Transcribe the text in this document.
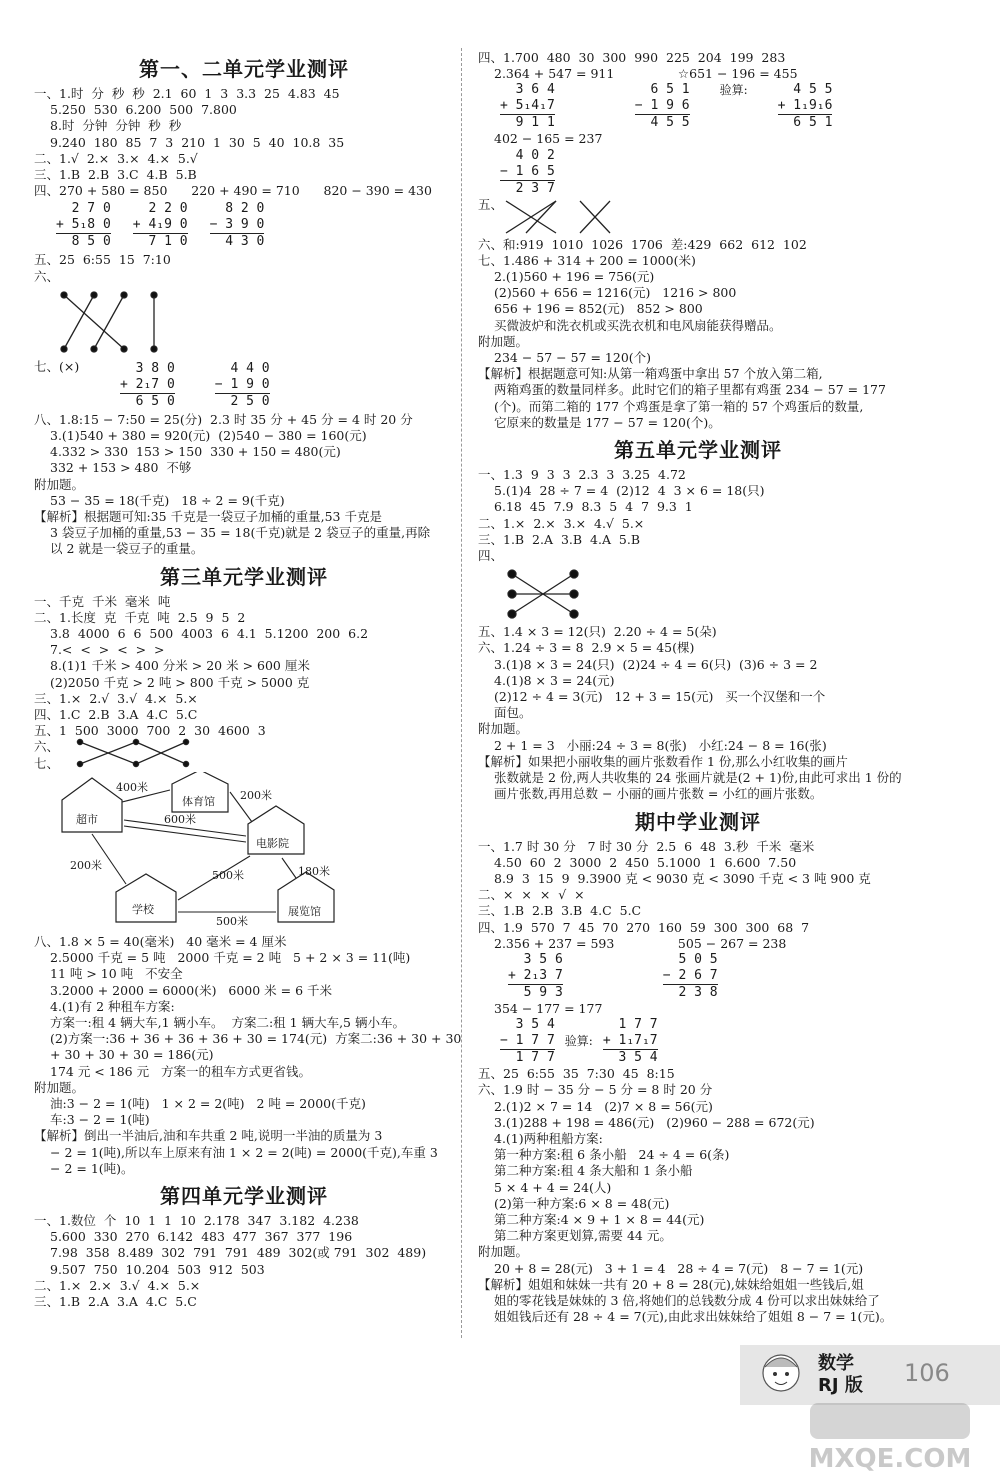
第一、二单元学业测评
一、1.时  分  秒  秒  2.1  60  1  3  3.3  25  4.83  45
5.250  530  6.200  500  7.800
8.时  分钟  分钟  秒  秒
9.240  180  85  7  3  210  1  30  5  40  10.8  35
二、1.√  2.×  3.×  4.×  5.√
三、1.B  2.B  3.C  4.B  5.B
四、270 + 580 = 850      220 + 490 = 710      820 − 390 = 430
2 7 0
+ 5₁8 0
8 5 0
2 2 0
+ 4₁9 0
7 1 0
8 2 0
− 3 9 0
4 3 0
五、25  6:55  15  7:10
六、
七、(×)	3 8 0
+ 2₁7 0
6 5 0
4 4 0
− 1 9 0
2 5 0
八、1.8:15 − 7:50 = 25(分)  2.3 时 35 分 + 45 分 = 4 时 20 分
3.(1)540 + 380 = 920(元)  (2)540 − 380 = 160(元)
4.332 > 330  153 > 150  330 + 150 = 480(元)
332 + 153 > 480  不够
附加题。
53 − 35 = 18(千克)   18 ÷ 2 = 9(千克)
【解析】根据题可知:35 千克是一袋豆子加桶的重量,53 千克是
3 袋豆子加桶的重量,53 − 35 = 18(千克)就是 2 袋豆子的重量,再除
以 2 就是一袋豆子的重量。
第三单元学业测评
一、千克  千米  毫米  吨
二、1.长度  克  千克  吨  2.5  9  5  2
3.8  4000  6  6  500  4003  6  4.1  5.1200  200  6.2
7.<  <  >  <  >  >
8.(1)1 千米 > 400 分米 > 20 米 > 600 厘米
(2)2050 千克 > 2 吨 > 800 千克 > 5000 克
三、1.×  2.√  3.√  4.×  5.×
四、1.C  2.B  3.A  4.C  5.C
五、1  500  3000  700  2  30  4600  3
六、
七、
超市
体育馆
电影院
学校	展览馆
400米
200米
600米
200米
500米	180米
500米
八、1.8 × 5 = 40(毫米)   40 毫米 = 4 厘米
2.5000 千克 = 5 吨   2000 千克 = 2 吨   5 + 2 × 3 = 11(吨)
11 吨 > 10 吨   不安全
3.2000 + 2000 = 6000(米)   6000 米 = 6 千米
4.(1)有 2 种租车方案:
方案一:租 4 辆大车,1 辆小车。  方案二:租 1 辆大车,5 辆小车。
(2)方案一:36 + 36 + 36 + 36 + 30 = 174(元)  方案二:36 + 30 + 30
+ 30 + 30 + 30 = 186(元)
174 元 < 186 元   方案一的租车方式更省钱。
附加题。
油:3 − 2 = 1(吨)   1 × 2 = 2(吨)   2 吨 = 2000(千克)
车:3 − 2 = 1(吨)
【解析】倒出一半油后,油和车共重 2 吨,说明一半油的质量为 3
− 2 = 1(吨),所以车上原来有油 1 × 2 = 2(吨) = 2000(千克),车重 3
− 2 = 1(吨)。
第四单元学业测评
一、1.数位  个  10  1  1  10  2.178  347  3.182  4.238
5.600  330  270  6.142  483  477  367  377  196
7.98  358  8.489  302  791  791  489  302(或 791  302  489)
9.507  750  10.204  503  912  503
二、1.×  2.×  3.√  4.×  5.×
三、1.B  2.A  3.A  4.C  5.C
四、1.700  480  30  300  990  225  204  199  283
2.364 + 547 = 911                ☆651 − 196 = 455
3 6 4
+ 5₁4₁7
9 1 1
6 5 1
− 1 9 6
4 5 5
验算: 4 5 5
+ 1₁9₁6
6 5 1
402 − 165 = 237
4 0 2
− 1 6 5
2 3 7
五、
六、和:919  1010  1026  1706  差:429  662  612  102
七、1.486 + 314 + 200 = 1000(米)
2.(1)560 + 196 = 756(元)
(2)560 + 656 = 1216(元)   1216 > 800
656 + 196 = 852(元)   852 > 800
买微波炉和洗衣机或买洗衣机和电风扇能获得赠品。
附加题。
234 − 57 − 57 = 120(个)
【解析】根据题意可知:从第一箱鸡蛋中拿出 57 个放入第二箱,
两箱鸡蛋的数量同样多。此时它们的箱子里都有鸡蛋 234 − 57 = 177
(个)。而第二箱的 177 个鸡蛋是拿了第一箱的 57 个鸡蛋后的数量,
它原来的数量是 177 − 57 = 120(个)。
第五单元学业测评
一、1.3  9  3  3  2.3  3  3.25  4.72
5.(1)4  28 ÷ 7 = 4  (2)12  4  3 × 6 = 18(只)
6.18  45  7.9  8.3  5  4  7  9.3  1
二、1.×  2.×  3.×  4.√  5.×
三、1.B  2.A  3.B  4.A  5.B
四、
五、1.4 × 3 = 12(只)  2.20 ÷ 4 = 5(朵)
六、1.24 ÷ 3 = 8  2.9 × 5 = 45(棵)
3.(1)8 × 3 = 24(只)  (2)24 ÷ 4 = 6(只)  (3)6 ÷ 3 = 2
4.(1)8 × 3 = 24(元)
(2)12 ÷ 4 = 3(元)   12 + 3 = 15(元)   买一个汉堡和一个
面包。
附加题。
2 + 1 = 3   小丽:24 ÷ 3 = 8(张)   小红:24 − 8 = 16(张)
【解析】如果把小丽收集的画片张数看作 1 份,那么小红收集的画片
张数就是 2 份,两人共收集的 24 张画片就是(2 + 1)份,由此可求出 1 份的
画片张数,再用总数 − 小丽的画片张数 = 小红的画片张数。
期中学业测评
一、1.7 时 30 分   7 时 30 分  2.5  6  48  3.秒  千米  毫米
4.50  60  2  3000  2  450  5.1000  1  6.600  7.50
8.9  3  15  9  9.3900 克 < 9030 克 < 3090 千克 < 3 吨 900 克
二、×  ×  ×  √  ×
三、1.B  2.B  3.B  4.C  5.C
四、1.9  570  7  45  70  270  160  59  300  300  68  7
2.356 + 237 = 593                505 − 267 = 238
3 5 6
+ 2₁3 7
5 9 3
5 0 5
− 2 6 7
2 3 8
354 − 177 = 177
3 5 4
− 1 7 7
1 7 7
验算:
1 7 7
+ 1₁7₁7
3 5 4
五、25  6:55  35  7:30  45  8:15
六、1.9 时 − 35 分 − 5 分 = 8 时 20 分
2.(1)2 × 7 = 14   (2)7 × 8 = 56(元)
3.(1)288 + 198 = 486(元)   (2)960 − 288 = 672(元)
4.(1)两种租船方案:
第一种方案:租 6 条小船   24 ÷ 4 = 6(条)
第二种方案:租 4 条大船和 1 条小船
5 × 4 + 4 = 24(人)
(2)第一种方案:6 × 8 = 48(元)
第二种方案:4 × 9 + 1 × 8 = 44(元)
第二种方案更划算,需要 44 元。
附加题。
20 + 8 = 28(元)   3 + 1 = 4   28 ÷ 4 = 7(元)   8 − 7 = 1(元)
【解析】姐姐和妹妹一共有 20 + 8 = 28(元),妹妹给姐姐一些钱后,姐
姐的零花钱是妹妹的 3 倍,将她们的总钱数分成 4 份可以求出妹妹给了
姐姐钱后还有 28 ÷ 4 = 7(元),由此求出妹妹给了姐姐 8 − 7 = 1(元)。
数学
RJ 版 106
MXQE.COM
